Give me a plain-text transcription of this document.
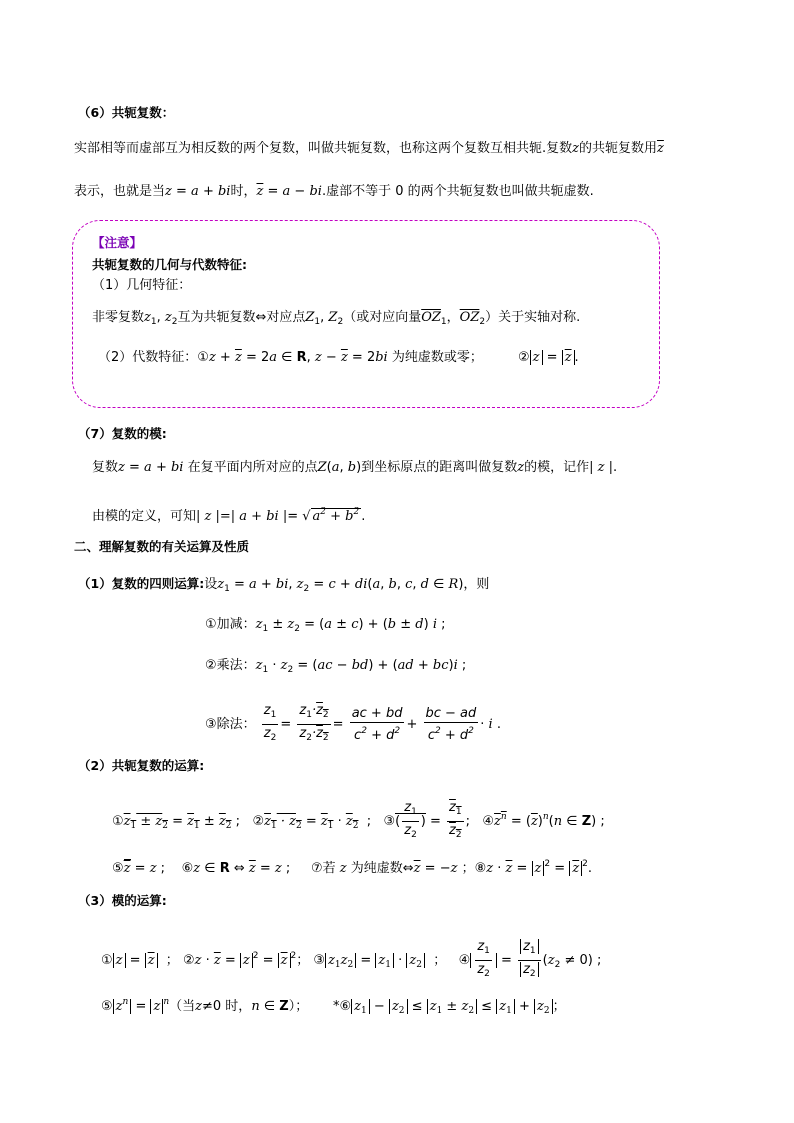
（6）共轭复数：
实部相等而虚部互为相反数的两个复数，叫做共轭复数，也称这两个复数互相共轭.复数z的共轭复数用$\overline{z}$
表示，也就是当z = a + bi时，$\overline{z} = a$ − bi.虚部不等于 0 的两个共轭复数也叫做共轭虚数.
【注意】
共轭复数的几何与代数特征:
（1）几何特征：
非零复数$z_1$, $z_2$互为共轭复数⇔对应点$Z_1$, $Z_2$（或对应向量$\overline{OZ}_1$，$\overline{OZ}_2$）关于实轴对称.
（2）代数特征：①z + $\overline{z} = 2a$ ∈ R, $z - \overline{z} = 2bi$ 为纯虚数或零；	② $z = \overline{z}$ .
（7）复数的模:
复数z = a + bi 在复平面内所对应的点Z(a, b)到坐标原点的距离叫做复数z的模，记作| z |.
由模的定义，可知| z |=| a + bi |= √ $a^2 + b^2$ .
二、理解复数的有关运算及性质
（1）复数的四则运算:设$z_1 = a$ + bi, $z_2 = c + di(a$, b, c, d ∈ R)，则
①加减：$z_1 \pm z_2 = (a \pm c) + (b \pm d)$ i ;
②乘法：$z_1 \cdot z_2 = (ac - bd) + (ad + bc)i$ ;
③除法： $\frac{z_1}{z_2} = \frac{z_1\cdot z_2}{z_2\cdot z_2} = \frac{ac + bd}{c^2 + d^2} + \frac{bc - ad}{c^2 + d^2} \cdot i$ .
（2）共轭复数的运算:
$①z_1 \pm z_2 = z_1 \pm z_2$ ;   $②z_1 \cdot z_2 = z_1 \cdot z_2$  ;   ③( $\frac{z_1}{z_2}$ ) = $\frac{z_1}{z_2}$ ;   $④z^n = (\overline{z})^n(n$ ∈ Z) ;
$⑤\overline{z} = z$ ;    ⑥z ∈ R ⇔ $\overline{z} = z$ ;     ⑦若 z 为纯虚数$\Leftrightarrow\overline{z} = -z$ ；⑧z · $\overline{z} = z$ $^2 = \overline{z}$ $^2$.
（3）模的运算:
① $z = \overline{z}$  ； ②z · $\overline{z} = z$ $^2 = \overline{z}$ $^2$； ③ $z_1z_2 = z_1 \cdot z_2$  ；   ④ $\frac{z_1}{z_2} = \frac{z_1}{z_2} (z_2 \ne 0)$ ;
⑤ $z^n = z$ $^n$（当z≠0 时，n ∈ Z）；      *⑥ $z_1 - z_2 \le z_1 \pm z_2 \le z_1 + z_2$ ；
